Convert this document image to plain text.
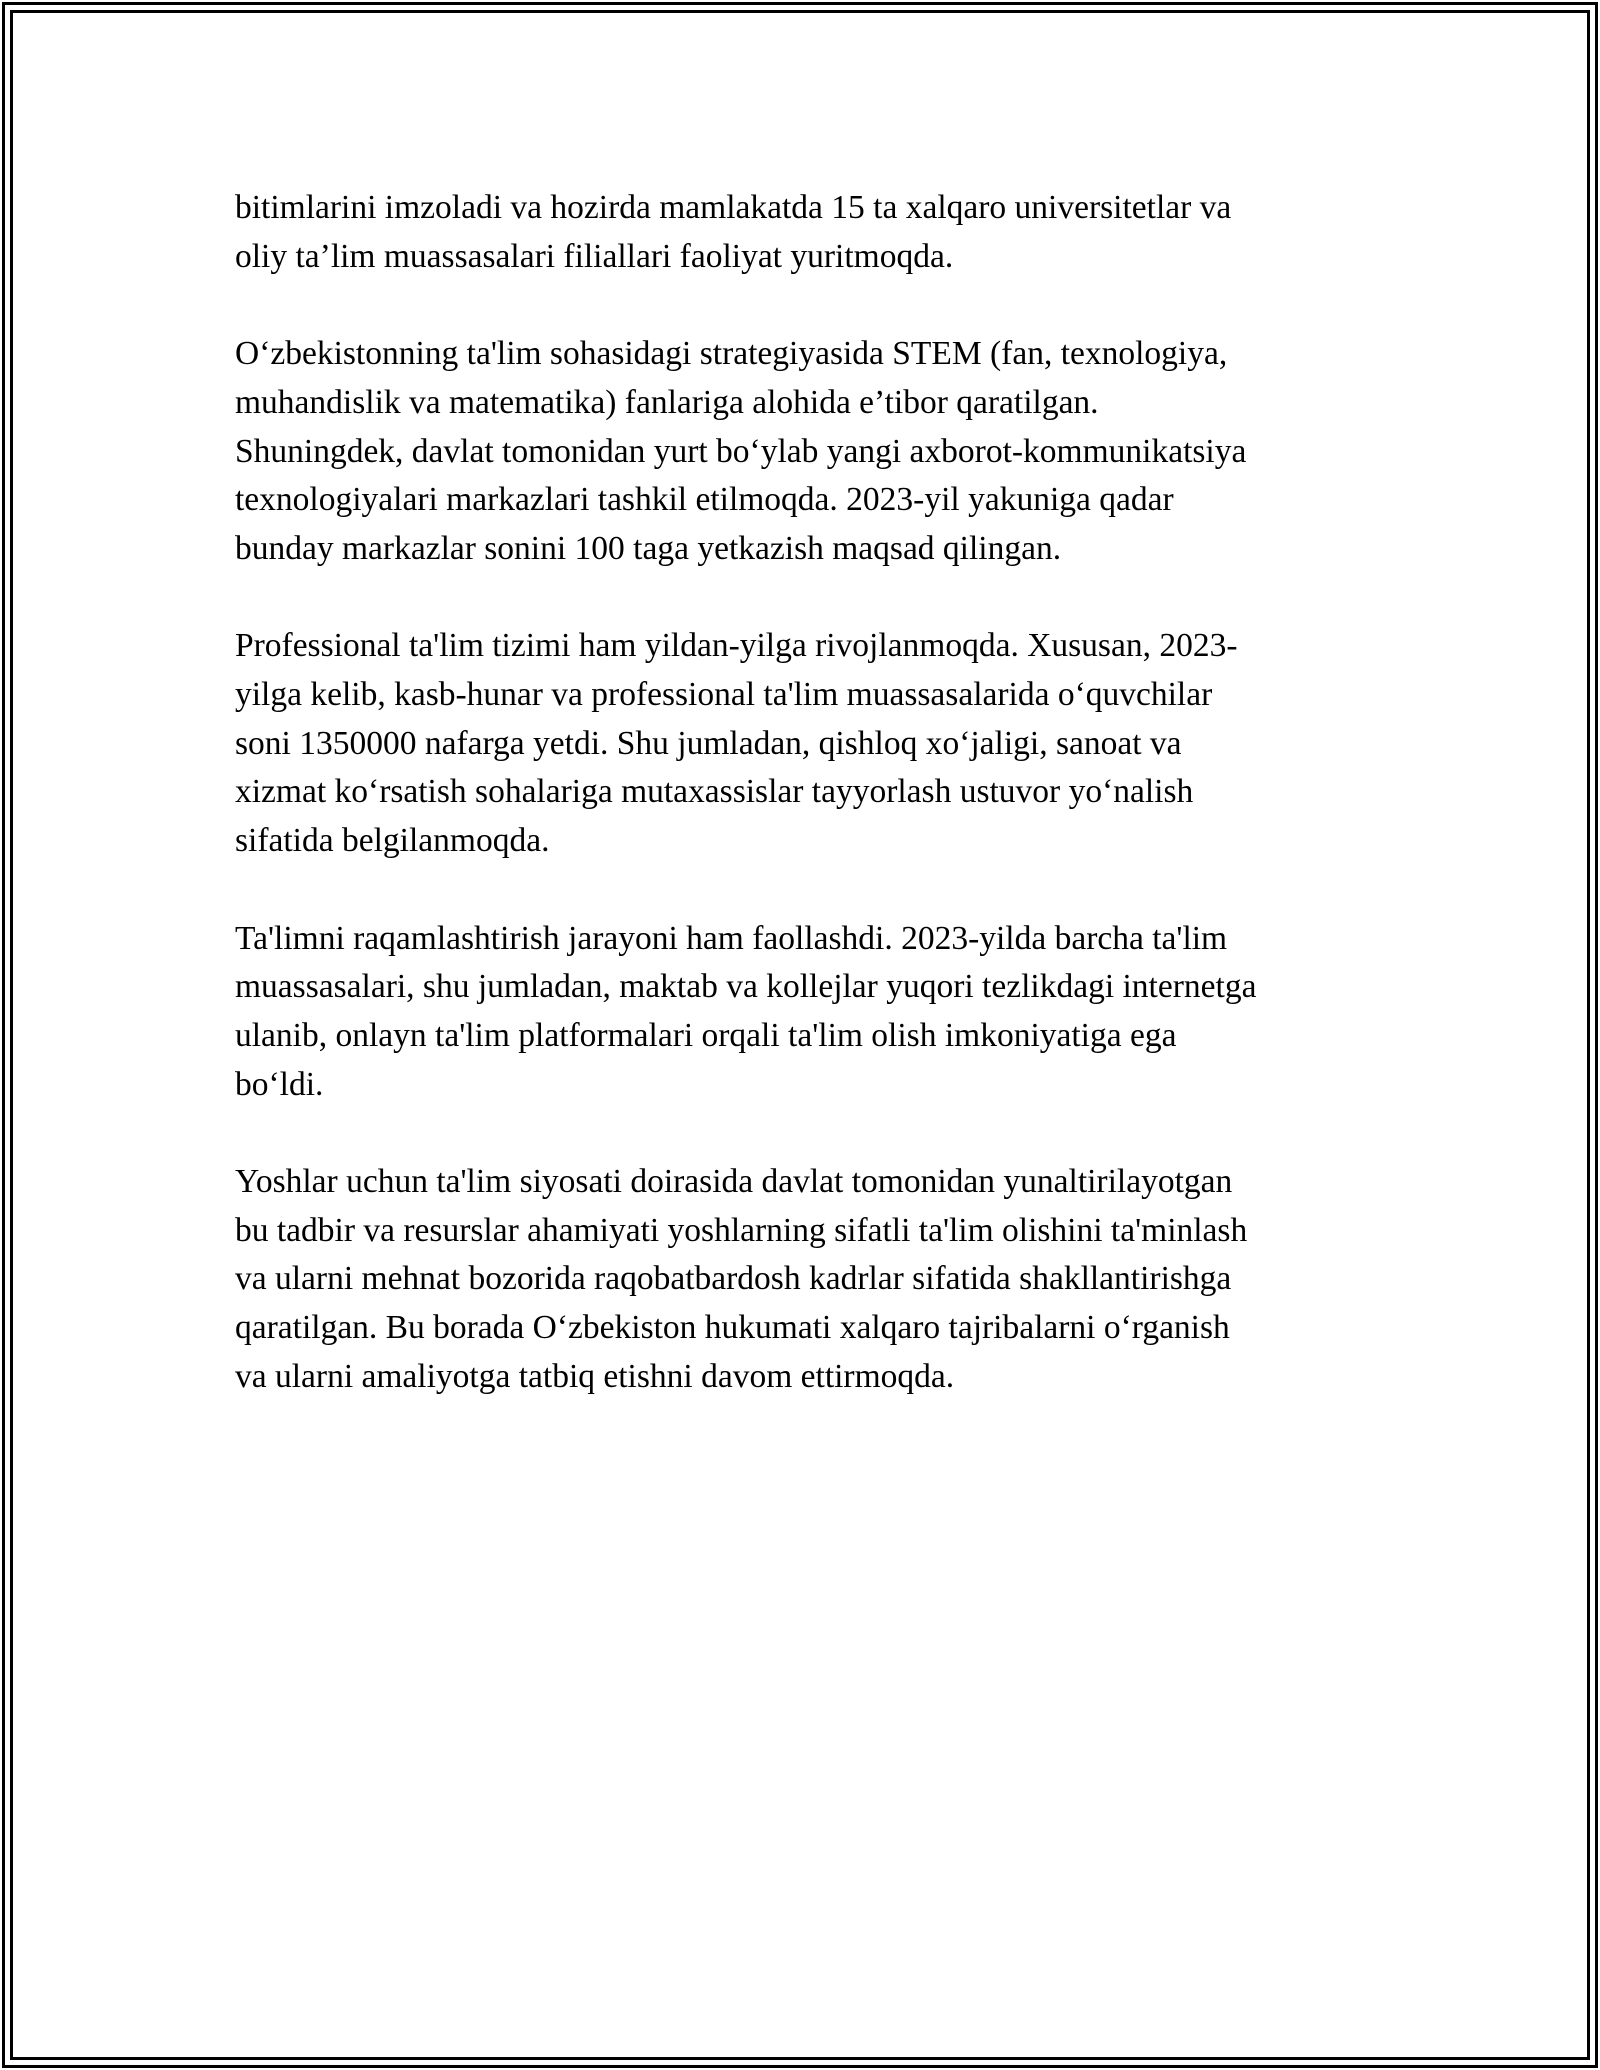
bitimlarini imzoladi va hozirda mamlakatda 15 ta xalqaro universitetlar va
oliy ta’lim muassasalari filiallari faoliyat yuritmoqda.

O‘zbekistonning ta'lim sohasidagi strategiyasida STEM (fan, texnologiya,
muhandislik va matematika) fanlariga alohida e’tibor qaratilgan.
Shuningdek, davlat tomonidan yurt bo‘ylab yangi axborot-kommunikatsiya
texnologiyalari markazlari tashkil etilmoqda. 2023-yil yakuniga qadar
bunday markazlar sonini 100 taga yetkazish maqsad qilingan.

Professional ta'lim tizimi ham yildan-yilga rivojlanmoqda. Xususan, 2023-
yilga kelib, kasb-hunar va professional ta'lim muassasalarida o‘quvchilar
soni 1350000 nafarga yetdi. Shu jumladan, qishloq xo‘jaligi, sanoat va
xizmat ko‘rsatish sohalariga mutaxassislar tayyorlash ustuvor yo‘nalish
sifatida belgilanmoqda.

Ta'limni raqamlashtirish jarayoni ham faollashdi. 2023-yilda barcha ta'lim
muassasalari, shu jumladan, maktab va kollejlar yuqori tezlikdagi internetga
ulanib, onlayn ta'lim platformalari orqali ta'lim olish imkoniyatiga ega
bo‘ldi.

Yoshlar uchun ta'lim siyosati doirasida davlat tomonidan yunaltirilayotgan
bu tadbir va resurslar ahamiyati yoshlarning sifatli ta'lim olishini ta'minlash
va ularni mehnat bozorida raqobatbardosh kadrlar sifatida shakllantirishga
qaratilgan. Bu borada O‘zbekiston hukumati xalqaro tajribalarni o‘rganish
va ularni amaliyotga tatbiq etishni davom ettirmoqda.
